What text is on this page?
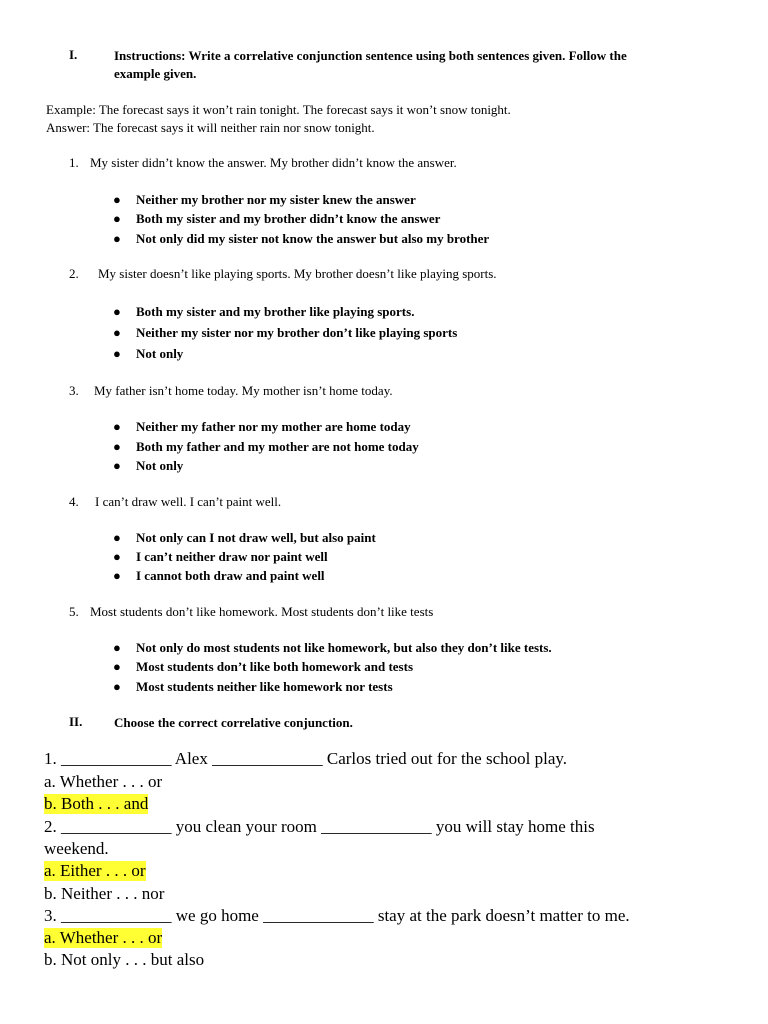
I.	Instructions: Write a correlative conjunction sentence using both sentences given. Follow the
example given.
Example: The forecast says it won’t rain tonight. The forecast says it won’t snow tonight.
Answer: The forecast says it will neither rain nor snow tonight.
1. My sister didn’t know the answer. My brother didn’t know the answer.
● Neither my brother nor my sister knew the answer
● Both my sister and my brother didn’t know the answer
● Not only did my sister not know the answer but also my brother
2. My sister doesn’t like playing sports. My brother doesn’t like playing sports.
● Both my sister and my brother like playing sports.
● Neither my sister nor my brother don’t like playing sports
● Not only
3. My father isn’t home today. My mother isn’t home today.
● Neither my father nor my mother are home today
● Both my father and my mother are not home today
● Not only
4. I can’t draw well. I can’t paint well.
● Not only can I not draw well, but also paint
● I can’t neither draw nor paint well
● I cannot both draw and paint well
5. Most students don’t like homework. Most students don’t like tests
● Not only do most students not like homework, but also they don’t like tests.
● Most students don’t like both homework and tests
● Most students neither like homework nor tests
II. Choose the correct correlative conjunction.
1. _____________ Alex _____________ Carlos tried out for the school play.
a. Whether . . . or
b. Both . . . and
2. _____________ you clean your room _____________ you will stay home this
weekend.
a. Either . . . or
b. Neither . . . nor
3. _____________ we go home _____________ stay at the park doesn’t matter to me.
a. Whether . . . or
b. Not only . . . but also
